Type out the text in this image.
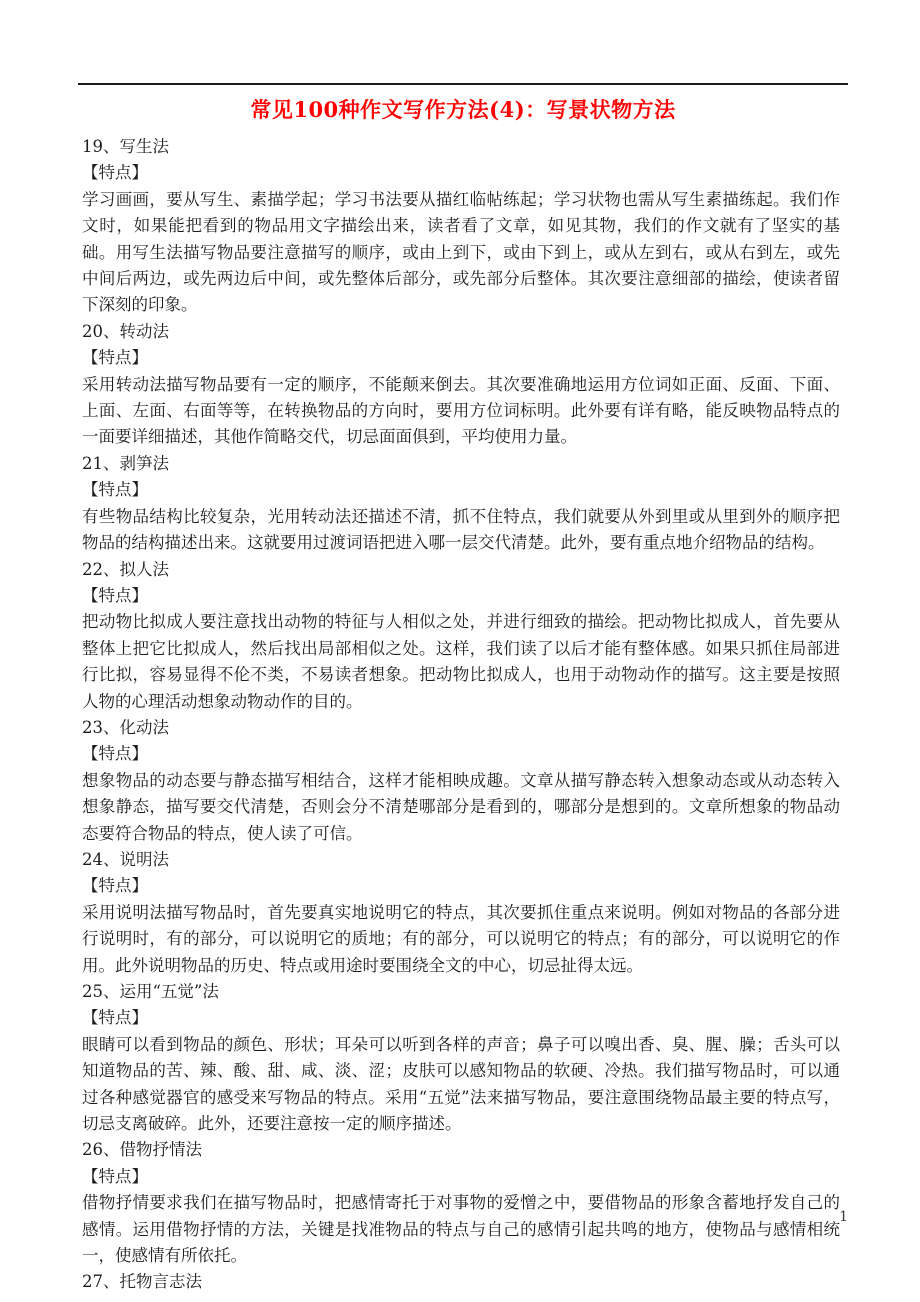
常见100种作文写作方法(4)：写景状物方法

19、写生法

【特点】

学习画画，要从写生、素描学起；学习书法要从描红临帖练起；学习状物也需从写生素描练起。我们作文时，如果能把看到的物品用文字描绘出来，读者看了文章，如见其物，我们的作文就有了坚实的基础。用写生法描写物品要注意描写的顺序，或由上到下，或由下到上，或从左到右，或从右到左，或先中间后两边，或先两边后中间，或先整体后部分，或先部分后整体。其次要注意细部的描绘，使读者留下深刻的印象。

20、转动法

【特点】

采用转动法描写物品要有一定的顺序，不能颠来倒去。其次要准确地运用方位词如正面、反面、下面、上面、左面、右面等等，在转换物品的方向时，要用方位词标明。此外要有详有略，能反映物品特点的一面要详细描述，其他作简略交代，切忌面面俱到，平均使用力量。

21、剥笋法

【特点】

有些物品结构比较复杂，光用转动法还描述不清，抓不住特点，我们就要从外到里或从里到外的顺序把物品的结构描述出来。这就要用过渡词语把进入哪一层交代清楚。此外，要有重点地介绍物品的结构。

22、拟人法

【特点】

把动物比拟成人要注意找出动物的特征与人相似之处，并进行细致的描绘。把动物比拟成人，首先要从整体上把它比拟成人，然后找出局部相似之处。这样，我们读了以后才能有整体感。如果只抓住局部进行比拟，容易显得不伦不类，不易读者想象。把动物比拟成人，也用于动物动作的描写。这主要是按照人物的心理活动想象动物动作的目的。

23、化动法

【特点】

想象物品的动态要与静态描写相结合，这样才能相映成趣。文章从描写静态转入想象动态或从动态转入想象静态，描写要交代清楚，否则会分不清楚哪部分是看到的，哪部分是想到的。文章所想象的物品动态要符合物品的特点，使人读了可信。

24、说明法

【特点】

采用说明法描写物品时，首先要真实地说明它的特点，其次要抓住重点来说明。例如对物品的各部分进行说明时，有的部分，可以说明它的质地；有的部分，可以说明它的特点；有的部分，可以说明它的作用。此外说明物品的历史、特点或用途时要围绕全文的中心，切忌扯得太远。

25、运用“五觉”法

【特点】

眼睛可以看到物品的颜色、形状；耳朵可以听到各样的声音；鼻子可以嗅出香、臭、腥、臊；舌头可以知道物品的苦、辣、酸、甜、咸、淡、涩；皮肤可以感知物品的软硬、冷热。我们描写物品时，可以通过各种感觉器官的感受来写物品的特点。采用“五觉”法来描写物品，要注意围绕物品最主要的特点写，切忌支离破碎。此外，还要注意按一定的顺序描述。

26、借物抒情法

【特点】

借物抒情要求我们在描写物品时，把感情寄托于对事物的爱憎之中，要借物品的形象含蓄地抒发自己的感情。运用借物抒情的方法，关键是找准物品的特点与自己的感情引起共鸣的地方，使物品与感情相统一，使感情有所依托。

27、托物言志法

1
